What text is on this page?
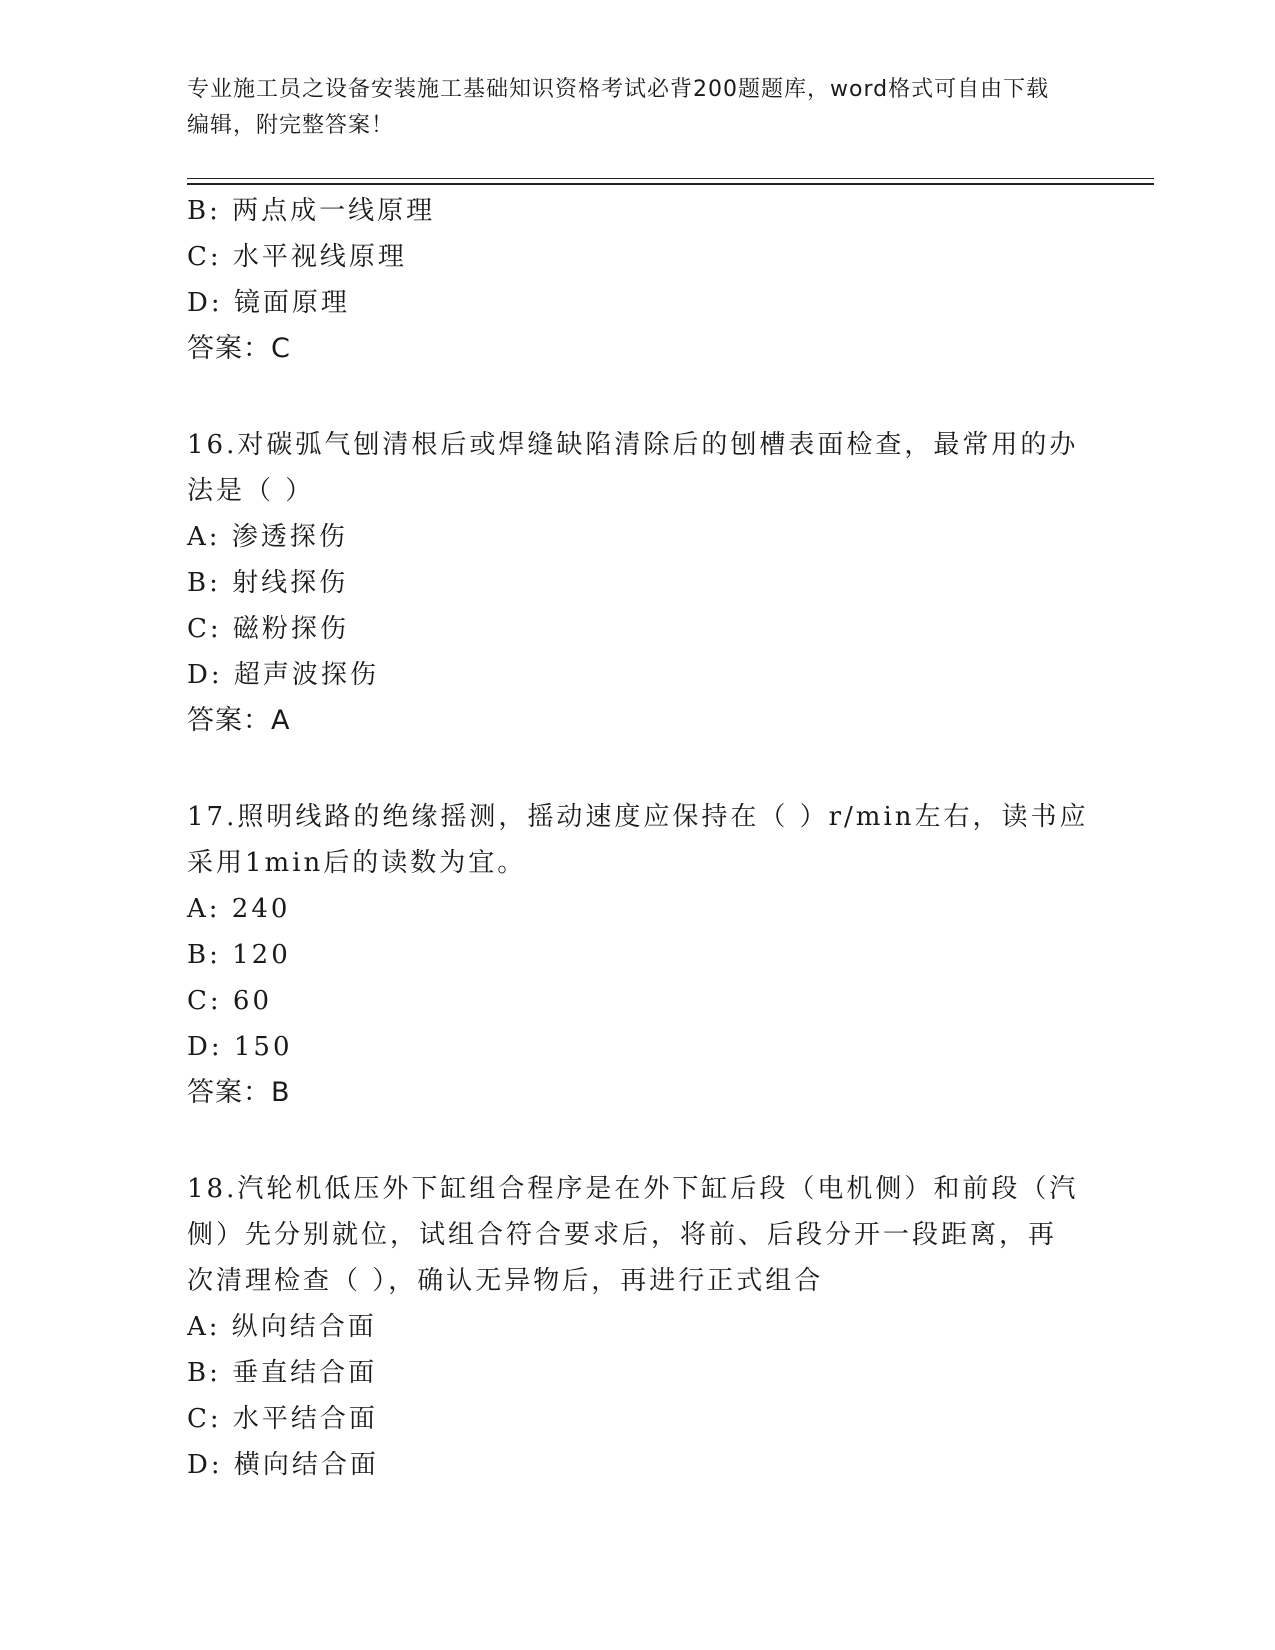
专业施工员之设备安装施工基础知识资格考试必背200题题库，word格式可自由下载编辑，附完整答案！
B: 两点成一线原理
C: 水平视线原理
D: 镜面原理
答案：C
16.对碳弧气刨清根后或焊缝缺陷清除后的刨槽表面检查，最常用的办
法是（ ）
A: 渗透探伤
B: 射线探伤
C: 磁粉探伤
D: 超声波探伤
答案：A
17.照明线路的绝缘摇测，摇动速度应保持在（ ）r/min左右，读书应
采用1min后的读数为宜。
A: 240
B: 120
C: 60
D: 150
答案：B
18.汽轮机低压外下缸组合程序是在外下缸后段（电机侧）和前段（汽
侧）先分别就位，试组合符合要求后，将前、后段分开一段距离，再
次清理检查（ ），确认无异物后，再进行正式组合
A: 纵向结合面
B: 垂直结合面
C: 水平结合面
D: 横向结合面
